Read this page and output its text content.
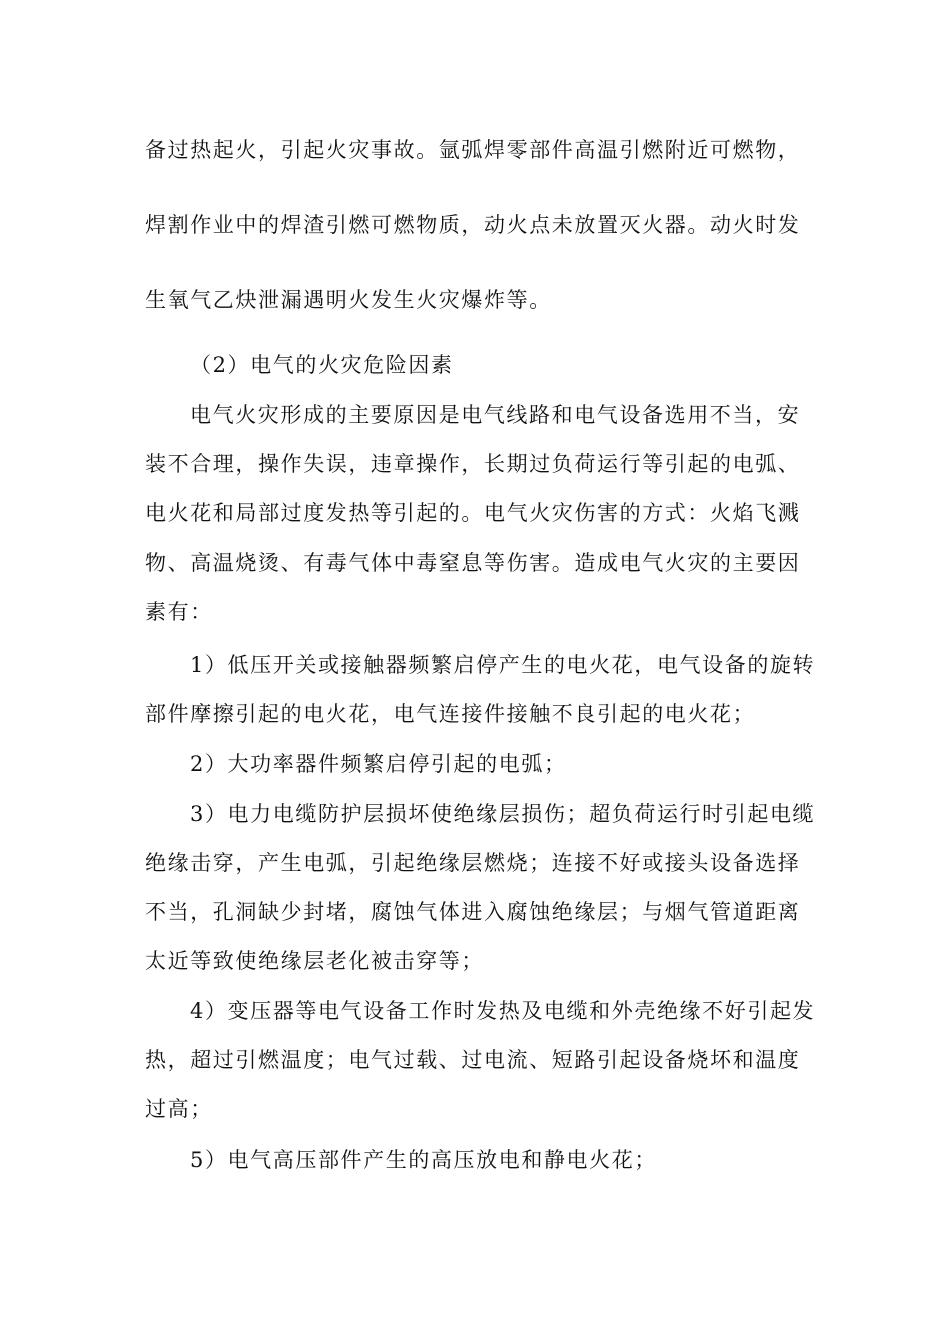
备过热起火，引起火灾事故。氩弧焊零部件高温引燃附近可燃物，
焊割作业中的焊渣引燃可燃物质，动火点未放置灭火器。动火时发
生氧气乙炔泄漏遇明火发生火灾爆炸等。
（2）电气的火灾危险因素
电气火灾形成的主要原因是电气线路和电气设备选用不当，安
装不合理，操作失误，违章操作，长期过负荷运行等引起的电弧、
电火花和局部过度发热等引起的。电气火灾伤害的方式：火焰飞溅
物、高温烧烫、有毒气体中毒窒息等伤害。造成电气火灾的主要因
素有：
1）低压开关或接触器频繁启停产生的电火花，电气设备的旋转
部件摩擦引起的电火花，电气连接件接触不良引起的电火花；
2）大功率器件频繁启停引起的电弧；
3）电力电缆防护层损坏使绝缘层损伤；超负荷运行时引起电缆
绝缘击穿，产生电弧，引起绝缘层燃烧；连接不好或接头设备选择
不当，孔洞缺少封堵，腐蚀气体进入腐蚀绝缘层；与烟气管道距离
太近等致使绝缘层老化被击穿等；
4）变压器等电气设备工作时发热及电缆和外壳绝缘不好引起发
热，超过引燃温度；电气过载、过电流、短路引起设备烧坏和温度
过高；
5）电气高压部件产生的高压放电和静电火花；
